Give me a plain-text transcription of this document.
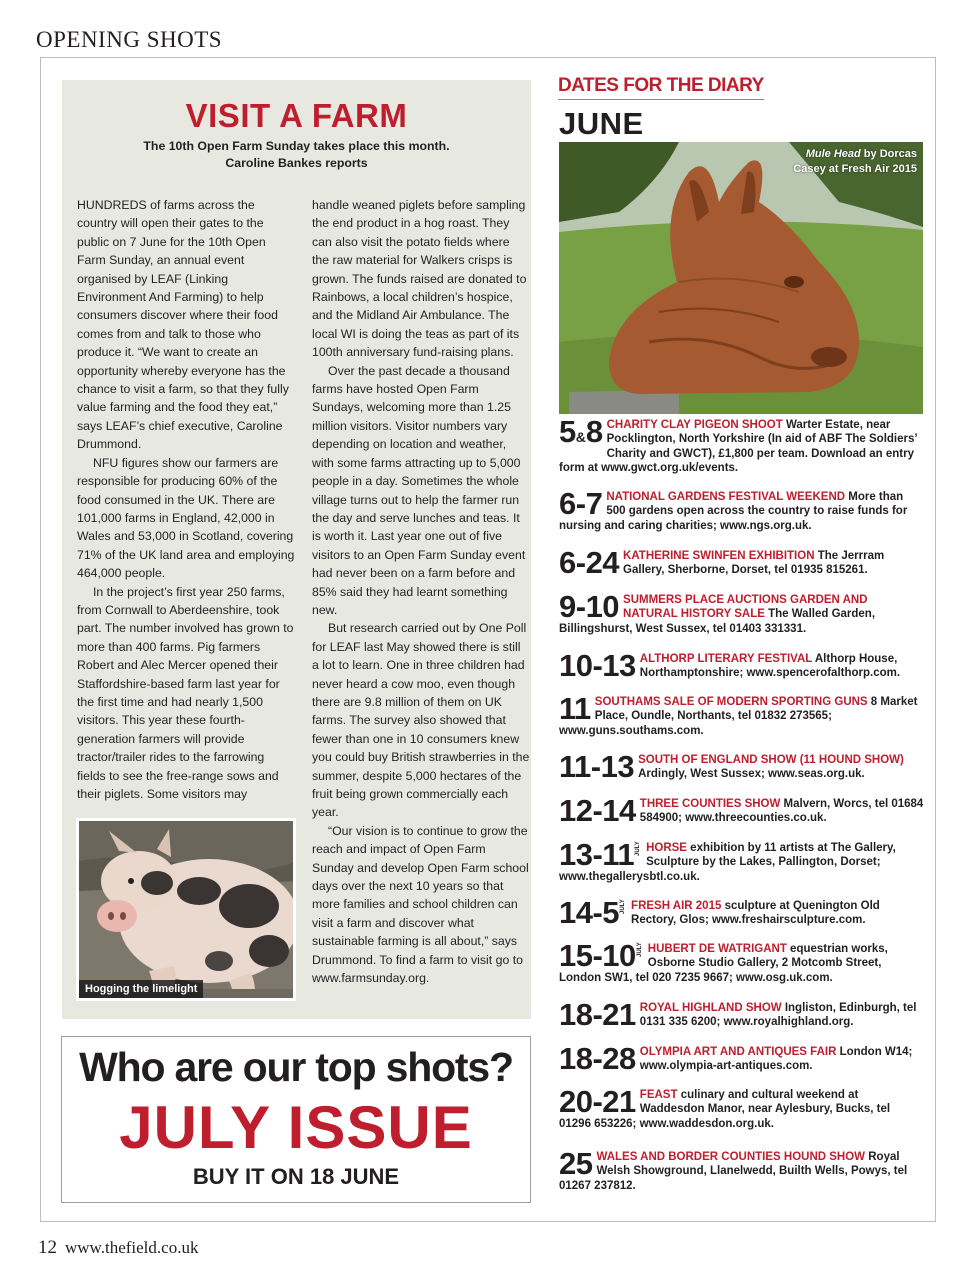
OPENING SHOTS
VISIT A FARM
The 10th Open Farm Sunday takes place this month.
Caroline Bankes reports

HUNDREDS of farms across the country will open their gates to the public on 7 June for the 10th Open Farm Sunday, an annual event organised by LEAF (Linking Environment And Farming) to help consumers discover where their food comes from and talk to those who produce it. “We want to create an opportunity whereby everyone has the chance to visit a farm, so that they fully value farming and the food they eat,” says LEAF’s chief executive, Caroline Drummond.

NFU figures show our farmers are responsible for producing 60% of the food consumed in the UK. There are 101,000 farms in England, 42,000 in Wales and 53,000 in Scotland, covering 71% of the UK land area and employing 464,000 people.

In the project’s first year 250 farms, from Cornwall to Aberdeenshire, took part. The number involved has grown to more than 400 farms. Pig farmers Robert and Alec Mercer opened their Staffordshire-based farm last year for the first time and had nearly 1,500 visitors. This year these fourth-generation farmers will provide tractor/trailer rides to the farrowing fields to see the free-range sows and their piglets. Some visitors may

handle weaned piglets before sampling the end product in a hog roast. They can also visit the potato fields where the raw material for Walkers crisps is grown. The funds raised are donated to Rainbows, a local children’s hospice, and the Midland Air Ambulance. The local WI is doing the teas as part of its 100th anniversary fund-raising plans.

Over the past decade a thousand farms have hosted Open Farm Sundays, welcoming more than 1.25 million visitors. Visitor numbers vary depending on location and weather, with some farms attracting up to 5,000 people in a day. Sometimes the whole village turns out to help the farmer run the day and serve lunches and teas. It is worth it. Last year one out of five visitors to an Open Farm Sunday event had never been on a farm before and 85% said they had learnt something new.

But research carried out by One Poll for LEAF last May showed there is still a lot to learn. One in three children had never heard a cow moo, even though there are 9.8 million of them on UK farms. The survey also showed that fewer than one in 10 consumers knew you could buy British strawberries in the summer, despite 5,000 hectares of the fruit being grown commercially each year.

“Our vision is to continue to grow the reach and impact of Open Farm Sunday and develop Open Farm school days over the next 10 years so that more families and school children can visit a farm and discover what sustainable farming is all about,” says Drummond. To find a farm to visit go to www.farmsunday.org.

Hogging the limelight
Who are our top shots?
JULY ISSUE
BUY IT ON 18 JUNE
DATES FOR THE DIARY
JUNE
Mule Head by Dorcas
Casey at Fresh Air 2015
5&8 CHARITY CLAY PIGEON SHOOT Warter Estate, near Pocklington, North Yorkshire (In aid of ABF The Soldiers’ Charity and GWCT), £1,800 per team. Download an entry form at www.gwct.org.uk/events.
6-7 NATIONAL GARDENS FESTIVAL WEEKEND More than 500 gardens open across the country to raise funds for nursing and caring charities; www.ngs.org.uk.
6-24 KATHERINE SWINFEN EXHIBITION The Jerrram Gallery, Sherborne, Dorset, tel 01935 815261.
9-10 SUMMERS PLACE AUCTIONS GARDEN AND NATURAL HISTORY SALE The Walled Garden, Billingshurst, West Sussex, tel 01403 331331.
10-13 ALTHORP LITERARY FESTIVAL Althorp House, Northamptonshire; www.spencerofalthorp.com.
11 SOUTHAMS SALE OF MODERN SPORTING GUNS 8 Market Place, Oundle, Northants, tel 01832 273565; www.guns.southams.com.
11-13 SOUTH OF ENGLAND SHOW (11 HOUND SHOW) Ardingly, West Sussex; www.seas.org.uk.
12-14 THREE COUNTIES SHOW Malvern, Worcs, tel 01684 584900; www.threecounties.co.uk.
13-11JULY HORSE exhibition by 11 artists at The Gallery, Sculpture by the Lakes, Pallington, Dorset; www.thegallerysbtl.co.uk.
14-5JULY FRESH AIR 2015 sculpture at Quenington Old Rectory, Glos; www.freshairsculpture.com.
15-10JULY HUBERT DE WATRIGANT equestrian works, Osborne Studio Gallery, 2 Motcomb Street, London SW1, tel 020 7235 9667; www.osg.uk.com.
18-21 ROYAL HIGHLAND SHOW Ingliston, Edinburgh, tel 0131 335 6200; www.royalhighland.org.
18-28 OLYMPIA ART AND ANTIQUES FAIR London W14; www.olympia-art-antiques.com.
20-21 FEAST culinary and cultural weekend at Waddesdon Manor, near Aylesbury, Bucks, tel 01296 653226; www.waddesdon.org.uk.
25 WALES AND BORDER COUNTIES HOUND SHOW Royal Welsh Showground, Llanelwedd, Builth Wells, Powys, tel 01267 237812.
12 www.thefield.co.uk
